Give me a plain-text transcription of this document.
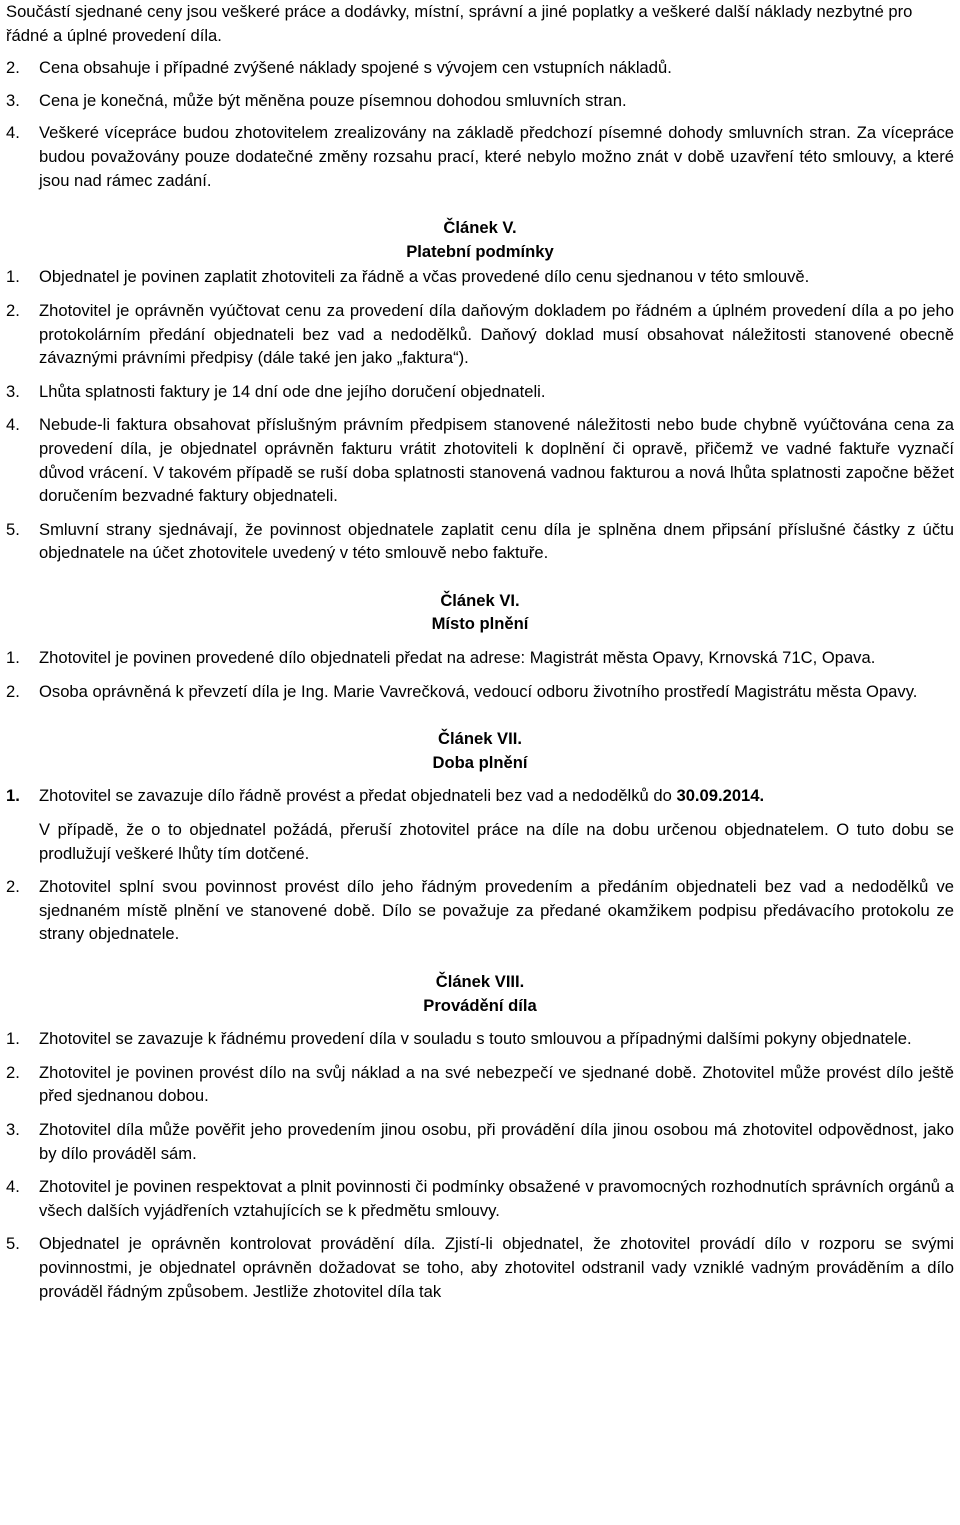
Součástí sjednané ceny jsou veškeré práce a dodávky, místní, správní a jiné poplatky a veškeré další náklady nezbytné pro řádné a úplné provedení díla.
2.	Cena obsahuje i případné zvýšené náklady spojené s vývojem cen vstupních nákladů.
3.	Cena je konečná, může být měněna pouze písemnou dohodou smluvních stran.
4.	Veškeré vícepráce budou zhotovitelem zrealizovány na základě předchozí písemné dohody smluvních stran. Za vícepráce budou považovány pouze dodatečné změny rozsahu prací, které nebylo možno znát v době uzavření této smlouvy, a které jsou nad rámec zadání.
Článek V.
Platební podmínky
1.	Objednatel je povinen zaplatit zhotoviteli za řádně a včas provedené dílo cenu sjednanou v této smlouvě.
2.	Zhotovitel je oprávněn vyúčtovat cenu za provedení díla daňovým dokladem po řádném a úplném provedení díla a po jeho protokolárním předání objednateli bez vad a nedodělků. Daňový doklad musí obsahovat náležitosti stanovené obecně závaznými právními předpisy (dále také jen jako „faktura“).
3.	Lhůta splatnosti faktury je 14 dní ode dne jejího doručení objednateli.
4.	Nebude-li faktura obsahovat příslušným právním předpisem stanovené náležitosti nebo bude chybně vyúčtována cena za provedení díla, je objednatel oprávněn fakturu vrátit zhotoviteli k doplnění či opravě, přičemž ve vadné faktuře vyznačí důvod vrácení. V takovém případě se ruší doba splatnosti stanovená vadnou fakturou a nová lhůta splatnosti započne běžet doručením bezvadné faktury objednateli.
5.	Smluvní strany sjednávají, že povinnost objednatele zaplatit cenu díla je splněna dnem připsání příslušné částky z účtu objednatele na účet zhotovitele uvedený v této smlouvě nebo faktuře.
Článek VI.
Místo plnění
1.	Zhotovitel je povinen provedené dílo objednateli předat na adrese: Magistrát města Opavy, Krnovská 71C, Opava.
2.	Osoba oprávněná k převzetí díla je Ing. Marie Vavrečková, vedoucí odboru životního prostředí Magistrátu města Opavy.
Článek VII.
Doba plnění
1.	Zhotovitel se zavazuje dílo řádně provést a předat objednateli bez vad a nedodělků do 30.09.2014.
V případě, že o to objednatel požádá, přeruší zhotovitel práce na díle na dobu určenou objednatelem. O tuto dobu se prodlužují veškeré lhůty tím dotčené.
2.	Zhotovitel splní svou povinnost provést dílo jeho řádným provedením a předáním objednateli bez vad a nedodělků ve sjednaném místě plnění ve stanovené době. Dílo se považuje za předané okamžikem podpisu předávacího protokolu ze strany objednatele.
Článek VIII.
Provádění díla
1.	Zhotovitel se zavazuje k řádnému provedení díla v souladu s touto smlouvou a případnými dalšími pokyny objednatele.
2.	Zhotovitel je povinen provést dílo na svůj náklad a na své nebezpečí ve sjednané době. Zhotovitel může provést dílo ještě před sjednanou dobou.
3.	Zhotovitel díla může pověřit jeho provedením jinou osobu, při provádění díla jinou osobou má zhotovitel odpovědnost, jako by dílo prováděl sám.
4.	Zhotovitel je povinen respektovat a plnit povinnosti či podmínky obsažené v pravomocných rozhodnutích správních orgánů a všech dalších vyjádřeních vztahujících se k předmětu smlouvy.
5.	Objednatel je oprávněn kontrolovat provádění díla. Zjistí-li objednatel, že zhotovitel provádí dílo v rozporu se svými povinnostmi, je objednatel oprávněn dožadovat se toho, aby zhotovitel odstranil vady vzniklé vadným prováděním a dílo prováděl řádným způsobem. Jestliže zhotovitel díla tak
